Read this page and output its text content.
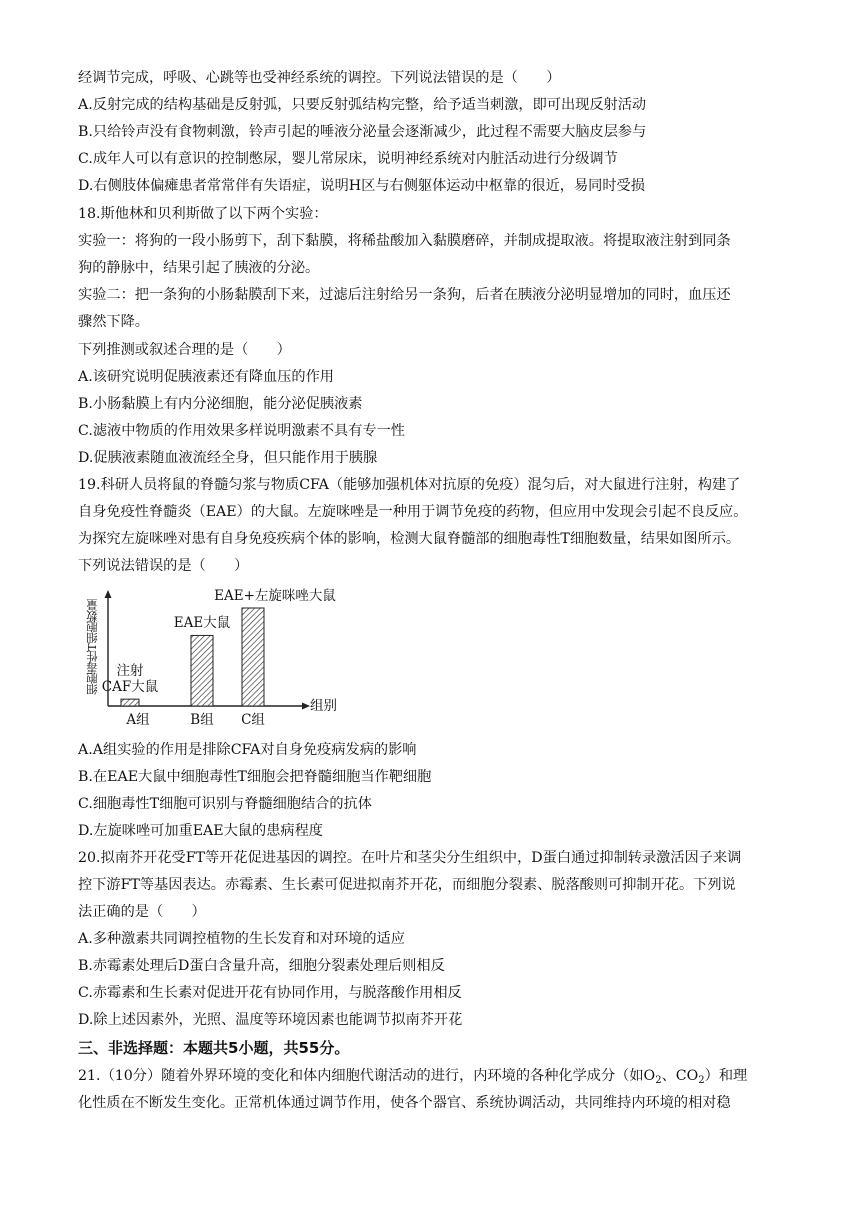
经调节完成，呼吸、心跳等也受神经系统的调控。下列说法错误的是（　　）
A.反射完成的结构基础是反射弧，只要反射弧结构完整，给予适当刺激，即可出现反射活动
B.只给铃声没有食物刺激，铃声引起的唾液分泌量会逐渐减少，此过程不需要大脑皮层参与
C.成年人可以有意识的控制憋尿，婴儿常尿床，说明神经系统对内脏活动进行分级调节
D.右侧肢体偏瘫患者常常伴有失语症，说明H区与右侧躯体运动中枢靠的很近，易同时受损
18.斯他林和贝利斯做了以下两个实验：
实验一：将狗的一段小肠剪下，刮下黏膜，将稀盐酸加入黏膜磨碎，并制成提取液。将提取液注射到同条
狗的静脉中，结果引起了胰液的分泌。
实验二：把一条狗的小肠黏膜刮下来，过滤后注射给另一条狗，后者在胰液分泌明显增加的同时，血压还
骤然下降。
下列推测或叙述合理的是（　　）
A.该研究说明促胰液素还有降血压的作用
B.小肠黏膜上有内分泌细胞，能分泌促胰液素
C.滤液中物质的作用效果多样说明激素不具有专一性
D.促胰液素随血液流经全身，但只能作用于胰腺
19.科研人员将鼠的脊髓匀浆与物质CFA（能够加强机体对抗原的免疫）混匀后，对大鼠进行注射，构建了
自身免疫性脊髓炎（EAE）的大鼠。左旋咪唑是一种用于调节免疫的药物，但应用中发现会引起不良反应。
为探究左旋咪唑对患有自身免疫疾病个体的影响，检测大鼠脊髓部的细胞毒性T细胞数量，结果如图所示。
下列说法错误的是（　　）
细胞毒性T细胞数量
组别
注射
CAF大鼠
EAE大鼠
EAE+左旋咪唑大鼠
A组	B组 C组
A.A组实验的作用是排除CFA对自身免疫病发病的影响
B.在EAE大鼠中细胞毒性T细胞会把脊髓细胞当作靶细胞
C.细胞毒性T细胞可识别与脊髓细胞结合的抗体
D.左旋咪唑可加重EAE大鼠的患病程度
20.拟南芥开花受FT等开花促进基因的调控。在叶片和茎尖分生组织中，D蛋白通过抑制转录激活因子来调
控下游FT等基因表达。赤霉素、生长素可促进拟南芥开花，而细胞分裂素、脱落酸则可抑制开花。下列说
法正确的是（　　）
A.多种激素共同调控植物的生长发育和对环境的适应
B.赤霉素处理后D蛋白含量升高，细胞分裂素处理后则相反
C.赤霉素和生长素对促进开花有协同作用，与脱落酸作用相反
D.除上述因素外，光照、温度等环境因素也能调节拟南芥开花
三、非选择题：本题共5小题，共55分。
21.（10分）随着外界环境的变化和体内细胞代谢活动的进行，内环境的各种化学成分（如$O_2$、$CO_2$）和理
化性质在不断发生变化。正常机体通过调节作用，使各个器官、系统协调活动，共同维持内环境的相对稳
